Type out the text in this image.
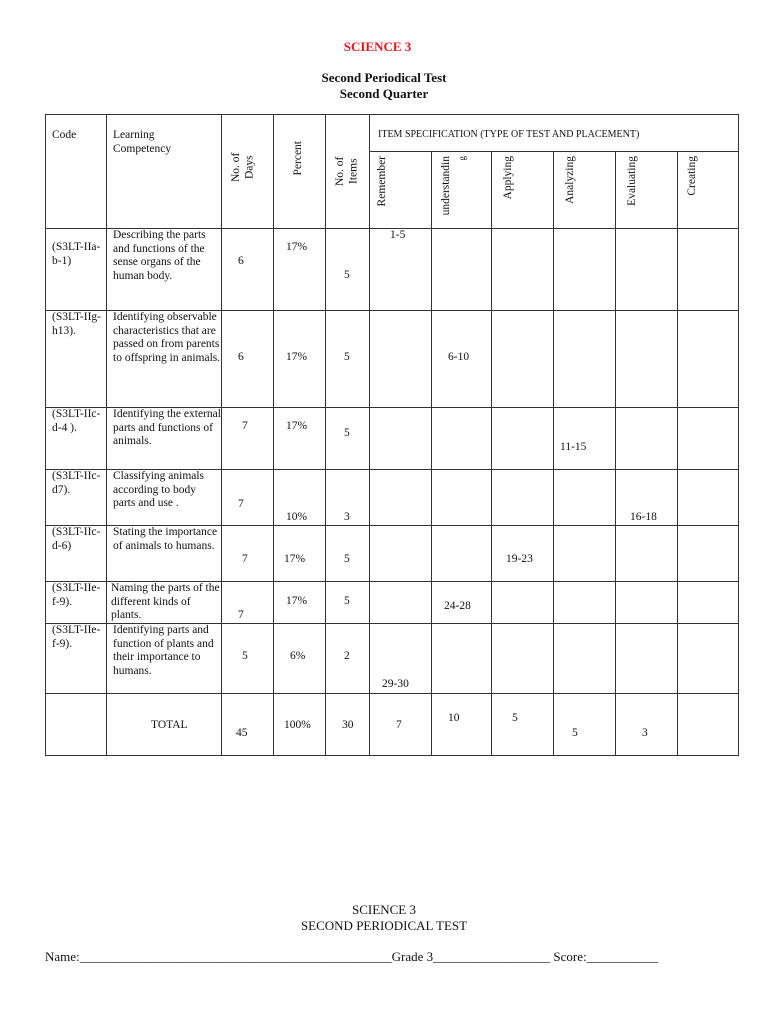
SCIENCE 3
Second Periodical Test
Second Quarter
Code	Learning Competency	No. of Days	Percent	No. of Items	ITEM SPECIFICATION (TYPE OF TEST AND PLACEMENT)					

					Remember	understandin g	Applying	Analyzing	Evaluating	Creating

(S3LT-IIa-b-1)	Describing the parts and functions of the sense organs of the human body.	6	17%	5	1-5					

(S3LT-IIg-h13).	Identifying observable characteristics that are passed on from parents to offspring in animals.	6	17%	5		6-10				

(S3LT-IIc-d-4 ).	Identifying the external parts and functions of animals.	7	17%	5				11-15		

(S3LT-IIc-d7).	Classifying animals according to body parts and use .	7	10%	3					16-18	

(S3LT-IIc-d-6)	Stating the importance of animals to humans.	7	17%	5			19-23			

(S3LT-IIe-f-9).	Naming the parts of the different kinds of plants.	7	17%	5		24-28				

(S3LT-IIe-f-9).	Identifying parts and function of plants and their importance to humans.	5	6%	2	29-30					

	TOTAL	45	100%	30	7	10	5	5	3	

SCIENCE 3
SECOND PERIODICAL TEST
Name:________________________________________________Grade 3__________________ Score:___________
